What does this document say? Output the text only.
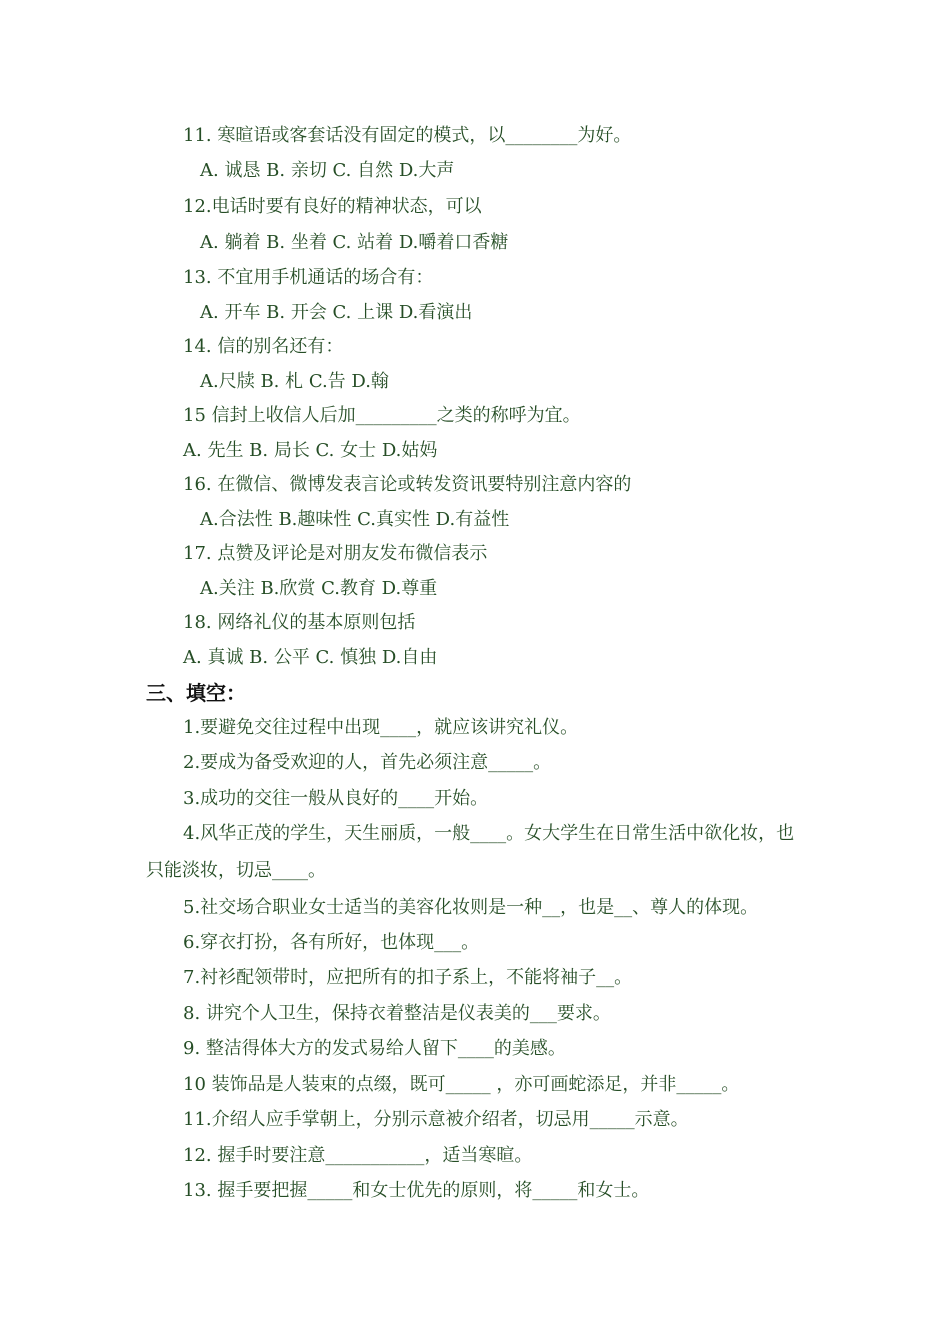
11. 寒暄语或客套话没有固定的模式，以________为好。
A. 诚恳 B. 亲切 C. 自然 D.大声
12.电话时要有良好的精神状态，可以
A. 躺着 B. 坐着 C. 站着 D.嚼着口香糖
13. 不宜用手机通话的场合有：
A. 开车 B. 开会 C. 上课 D.看演出
14. 信的别名还有：
A.尺牍 B. 札 C.告 D.翰
15 信封上收信人后加_________之类的称呼为宜。
A. 先生 B. 局长 C. 女士 D.姑妈
16. 在微信、微博发表言论或转发资讯要特别注意内容的
A.合法性 B.趣味性 C.真实性 D.有益性
17. 点赞及评论是对朋友发布微信表示
A.关注 B.欣赏 C.教育 D.尊重
18. 网络礼仪的基本原则包括
A. 真诚 B. 公平 C. 慎独 D.自由
三、填空：
1.要避免交往过程中出现____，就应该讲究礼仪。
2.要成为备受欢迎的人，首先必须注意_____。
3.成功的交往一般从良好的____开始。
4.风华正茂的学生，天生丽质，一般____。女大学生在日常生活中欲化妆，也
只能淡妆，切忌____。
5.社交场合职业女士适当的美容化妆则是一种__，也是__、尊人的体现。
6.穿衣打扮，各有所好，也体现___。
7.衬衫配领带时，应把所有的扣子系上，不能将袖子__。
8. 讲究个人卫生，保持衣着整洁是仪表美的___要求。
9. 整洁得体大方的发式易给人留下____的美感。
10 装饰品是人装束的点缀，既可_____ ，亦可画蛇添足，并非_____。
11.介绍人应手掌朝上，分别示意被介绍者，切忌用_____示意。
12. 握手时要注意___________，适当寒暄。
13. 握手要把握_____和女士优先的原则，将_____和女士。
